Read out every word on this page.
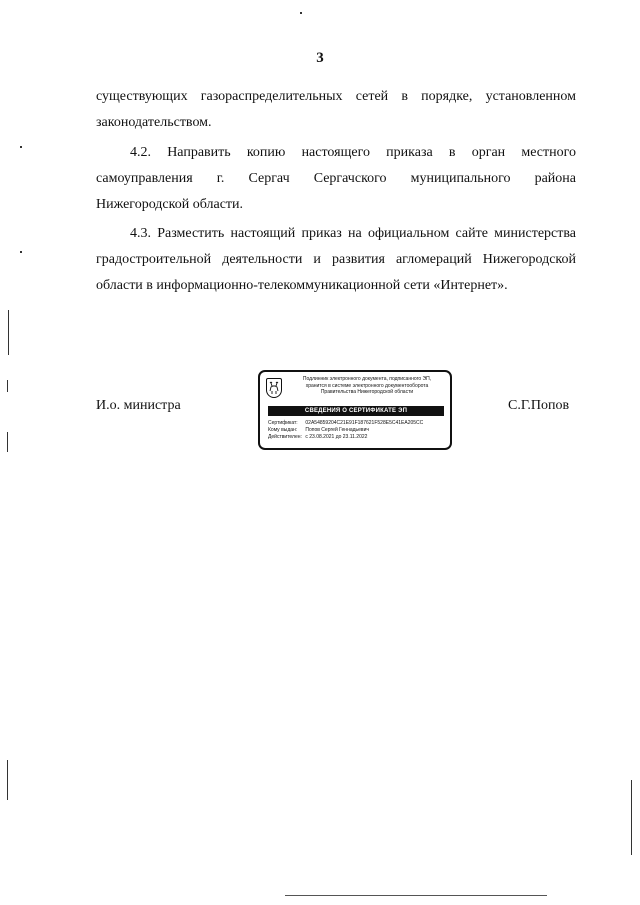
3
существующих газораспределительных сетей в порядке, установленном
законодательством.
4.2. Направить копию настоящего приказа в орган местного
самоуправления г. Сергач Сергачского муниципального района
Нижегородской области.
4.3. Разместить настоящий приказ на официальном сайте министерства
градостроительной деятельности и развития агломераций Нижегородской
области в информационно-телекоммуникационной сети «Интернет».
И.о. министра	С.Г.Попов
Подлинник электронного документа, подписанного ЭП,
хранится в системе электронного документооборота
Правительства Нижегородской области
СВЕДЕНИЯ О СЕРТИФИКАТЕ ЭП
Сертификат: 02A54859204C21E91F187621F528E5C41EA205CC
Кому выдан: Попов Сергей Геннадьевич
Действителен: с 23.08.2021 до 23.11.2022
